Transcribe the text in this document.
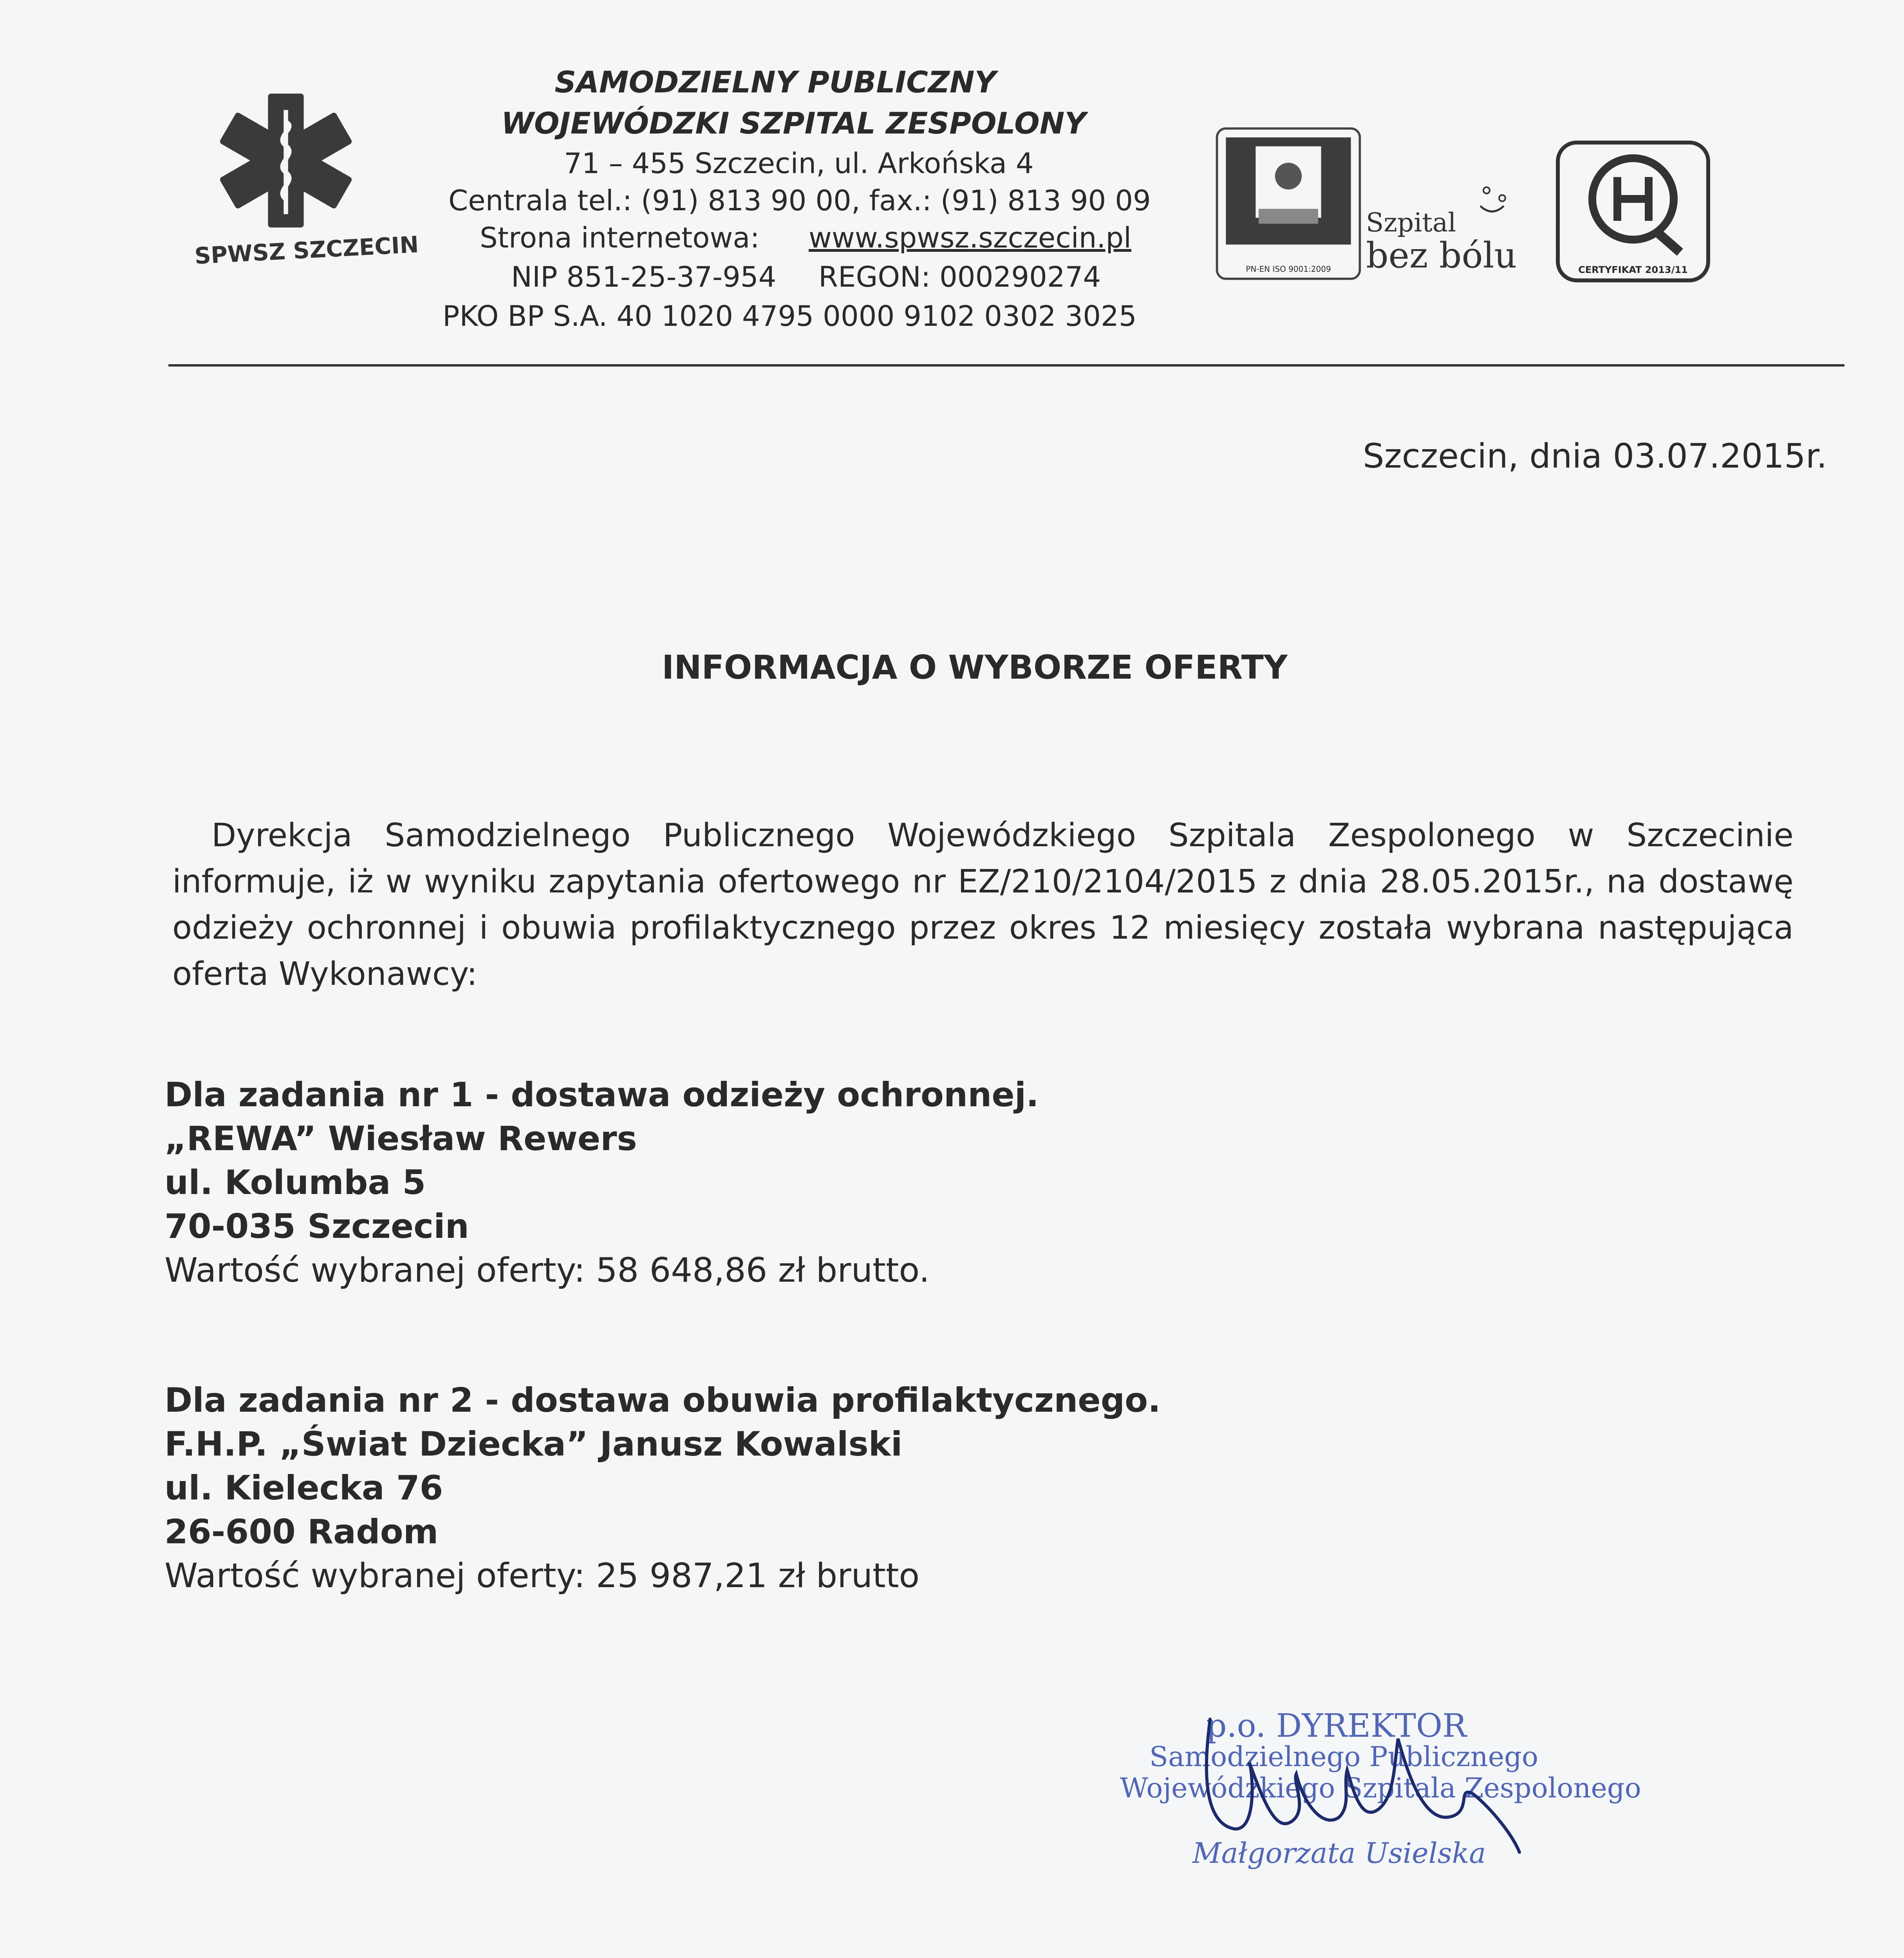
SPWSZ SZCZECIN
SAMODZIELNY PUBLICZNY
WOJEWÓDZKI SZPITAL ZESPOLONY
71 – 455 Szczecin, ul. Arkońska 4
Centrala tel.: (91) 813 90 00, fax.: (91) 813 90 09
Strona internetowa: www.spwsz.szczecin.pl
NIP 851-25-37-954 REGON: 000290274
PKO BP S.A. 40 1020 4795 0000 9102 0302 3025
PN-EN ISO 9001:2009
Szpital
bez bólu	CERTYFIKAT 2013/11
Szczecin, dnia 03.07.2015r.
INFORMACJA O WYBORZE OFERTY
Dyrekcja Samodzielnego Publicznego Wojewódzkiego Szpitala Zespolonego w Szczecinie informuje, iż w wyniku zapytania ofertowego nr EZ/210/2104/2015 z dnia 28.05.2015r., na dostawę odzieży ochronnej i obuwia profilaktycznego przez okres 12 miesięcy została wybrana następująca oferta Wykonawcy:
Dla zadania nr 1 - dostawa odzieży ochronnej.
„REWA” Wiesław Rewers
ul. Kolumba 5
70-035 Szczecin
Wartość wybranej oferty: 58 648,86 zł brutto.
Dla zadania nr 2 - dostawa obuwia profilaktycznego.
F.H.P. „Świat Dziecka” Janusz Kowalski
ul. Kielecka 76
26-600 Radom
Wartość wybranej oferty: 25 987,21 zł brutto
p.o. DYREKTOR
Samodzielnego Publicznego
Wojewódzkiego Szpitala Zespolonego
Małgorzata Usielska
